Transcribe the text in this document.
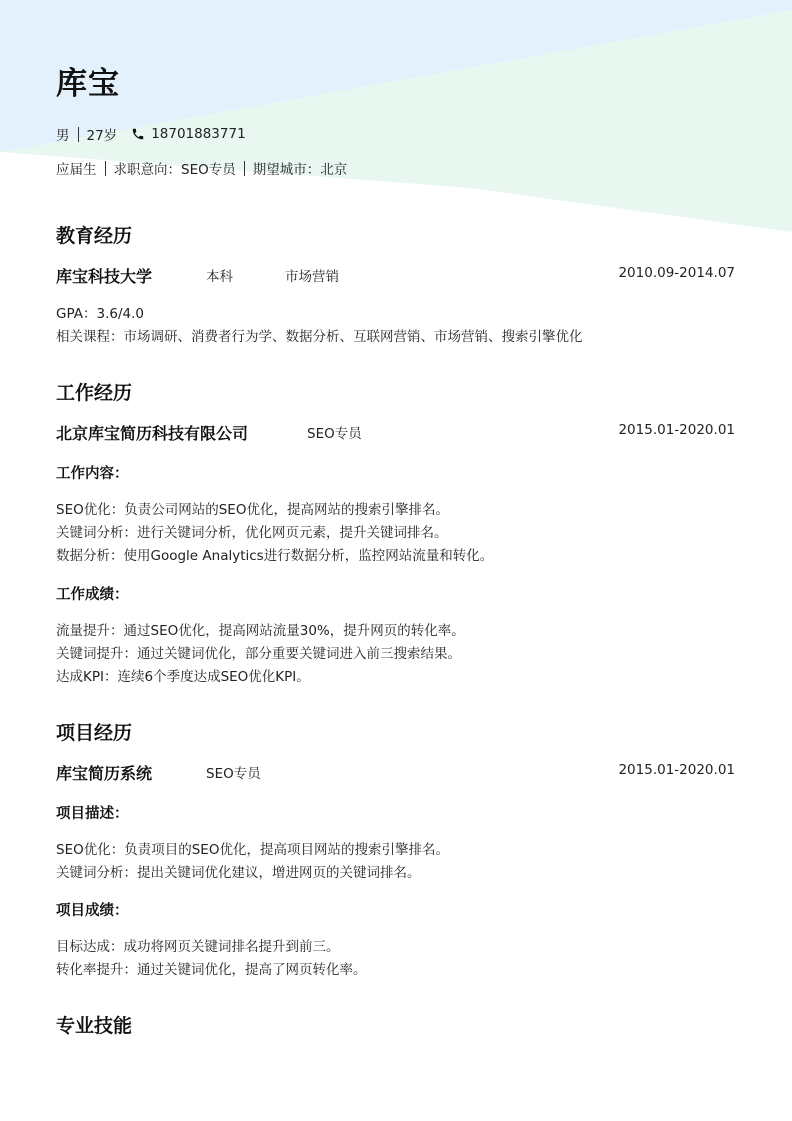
库宝
男 27岁	18701883771
应届生 求职意向：SEO专员 期望城市：北京
教育经历
库宝科技大学	本科	市场营销	2010.09-2014.07
GPA：3.6/4.0
相关课程：市场调研、消费者行为学、数据分析、互联网营销、市场营销、搜索引擎优化
工作经历
北京库宝简历科技有限公司	SEO专员	2015.01-2020.01
工作内容：
SEO优化：负责公司网站的SEO优化，提高网站的搜索引擎排名。
关键词分析：进行关键词分析，优化网页元素，提升关键词排名。
数据分析：使用Google Analytics进行数据分析，监控网站流量和转化。
工作成绩：
流量提升：通过SEO优化，提高网站流量30%，提升网页的转化率。
关键词提升：通过关键词优化，部分重要关键词进入前三搜索结果。
达成KPI：连续6个季度达成SEO优化KPI。
项目经历
库宝简历系统	SEO专员	2015.01-2020.01
项目描述：
SEO优化：负责项目的SEO优化，提高项目网站的搜索引擎排名。
关键词分析：提出关键词优化建议，增进网页的关键词排名。
项目成绩：
目标达成：成功将网页关键词排名提升到前三。
转化率提升：通过关键词优化，提高了网页转化率。
专业技能
